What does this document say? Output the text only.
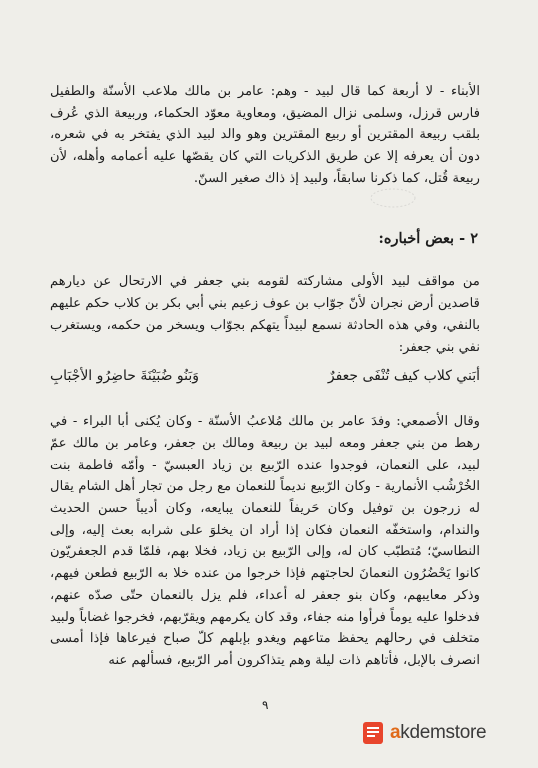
الأبناء - لا أربعة كما قال لبيد - وهم: عامر بن مالك ملاعب الأسنّة والطفيل فارس قرزل، وسلمى نزال المضيق، ومعاوية معوّد الحكماء، وربيعة الذي عُرف بلقب ربيعة المقترين أو ربيع المقترين وهو والد لبيد الذي يفتخر به في شعره، دون أن يعرفه إلا عن طريق الذكريات التي كان يقصّها عليه أعمامه وأهله، لأن ربيعة قُتل، كما ذكرنا سابقاً، ولبيد إذ ذاك صغير السنّ.

٢ - بعض أخباره:

من مواقف لبيد الأولى مشاركته لقومه بني جعفر في الارتحال عن ديارهم قاصدين أرض نجران لأنّ جوّاب بن عوف زعيم بني أبي بكر بن كلاب حكم عليهم بالنفي، وفي هذه الحادثة نسمع لبيداً يتهكم بجوّاب ويسخر من حكمه، ويستغرب نفي بني جعفر:

أبَني كلاب كيف تُنْفَى جعفرٌ
وَبَنُو ضُبَيْنَةَ حاضِرُو الأجْبَابِ

وقال الأصمعي: وفدَ عامر بن مالك مُلاعبُ الأسنّة - وكان يُكنى أبا البراء - في رهط من بني جعفر ومعه لبيد بن ربيعة ومالك بن جعفر، وعامر بن مالك عمّ لبيد، على النعمان، فوجدوا عنده الرّبيع بن زياد العبسيّ - وأمّه فاطمة بنت الخُرْشُب الأنمارية - وكان الرّبيع نديماً للنعمان مع رجل من تجار أهل الشام يقال له زرجون بن توفيل وكان حَريفاً للنعمان يبايعه، وكان أديباً حسن الحديث والندام، واستخفّه النعمان فكان إذا أراد ان يخلوَ على شرابه بعث إليه، وإلى النطاسيّ؛ مُتطبّب كان له، وإلى الرّبيع بن زياد، فخلا بهم، فلمّا قدم الجعفريّون كانوا يَحْضُرُون النعمانَ لحاجتهم فإذا خرجوا من عنده خلا به الرّبيع فطعن فيهم، وذكر معايبهم، وكان بنو جعفر له أعداء، فلم يزل بالنعمان حتّى صدّه عنهم، فدخلوا عليه يوماً فرأوا منه جفاء، وقد كان يكرمهم ويقرّبهم، فخرجوا غضاباً ولبيد متخلف في رحالهم يحفظ متاعهم ويغدو بإبلهم كلّ صباح فيرعاها فإذا أمسى انصرف بالإبل، فأتاهم ذات ليلة وهم يتذاكرون أمر الرّبيع، فسألهم عنه

٩
akdemstore
